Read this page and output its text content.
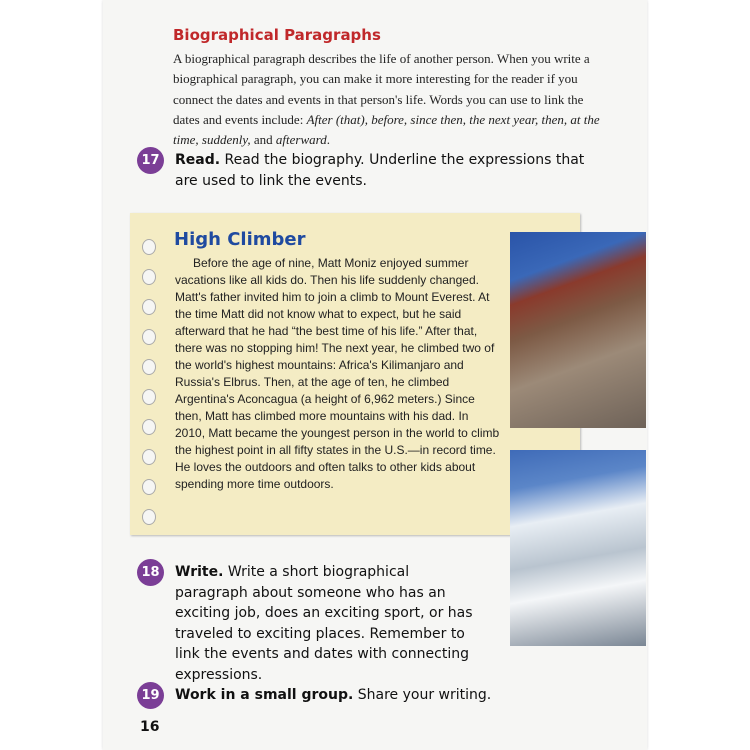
Biographical Paragraphs

A biographical paragraph describes the life of another person. When you write a biographical paragraph, you can make it more interesting for the reader if you connect the dates and events in that person's life. Words you can use to link the dates and events include: After (that), before, since then, the next year, then, at the time, suddenly, and afterward.

17	Read. Read the biography. Underline the expressions that are used to link the events.
High Climber

Before the age of nine, Matt Moniz enjoyed summer vacations like all kids do. Then his life suddenly changed. Matt's father invited him to join a climb to Mount Everest. At the time Matt did not know what to expect, but he said afterward that he had “the best time of his life.” After that, there was no stopping him! The next year, he climbed two of the world's highest mountains: Africa's Kilimanjaro and Russia's Elbrus. Then, at the age of ten, he climbed Argentina's Aconcagua (a height of 6,962 meters.) Since then, Matt has climbed more mountains with his dad. In 2010, Matt became the youngest person in the world to climb the highest point in all fifty states in the U.S.—in record time. He loves the outdoors and often talks to other kids about spending more time outdoors.

18	Write. Write a short biographical paragraph about someone who has an exciting job, does an exciting sport, or has traveled to exciting places. Remember to link the events and dates with connecting expressions.
19	Work in a small group. Share your writing.
16
